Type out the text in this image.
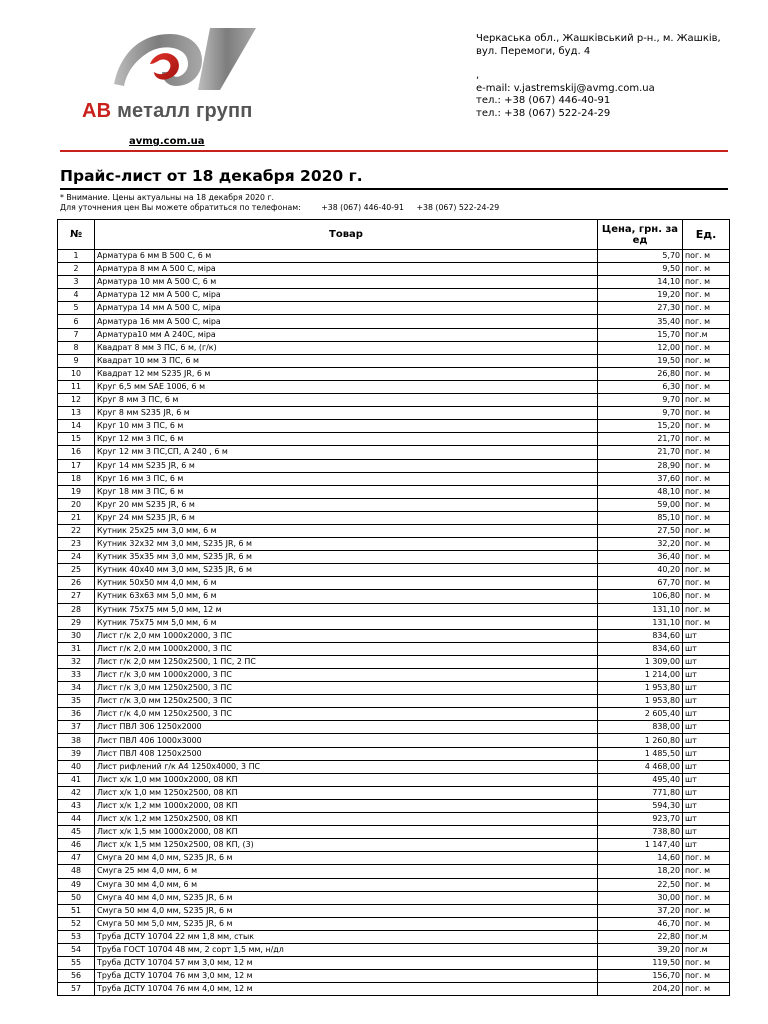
АВ металл групп
avmg.com.ua
Черкаська обл., Жашківський р-н., м. Жашків,
вул. Перемоги, буд. 4
,
e-mail: v.jastremskij@avmg.com.ua
тел.: +38 (067) 446-40-91
тел.: +38 (067) 522-24-29
Прайс-лист от 18 декабря 2020 г.
* Внимание. Цены актуальны на 18 декабря 2020 г.
Для уточнения цен Вы можете обратиться по телефонам:	+38 (067) 446-40-91 +38 (067) 522-24-29
№	Товар	Цена, грн. за ед	Ед.
1	Арматура 6 мм В 500 С, 6 м	5,70	пог. м
2	Арматура 8 мм А 500 С, міра	9,50	пог. м
3	Арматура 10 мм А 500 С, 6 м	14,10	пог. м
4	Арматура 12 мм А 500 С, міра	19,20	пог. м
5	Арматура 14 мм А 500 С, міра	27,30	пог. м
6	Арматура 16 мм А 500 С, міра	35,40	пог. м
7	Арматура10 мм А 240С, міра	15,70	пог.м
8	Квадрат 8 мм 3 ПС, 6 м, (г/к)	12,00	пог. м
9	Квадрат 10 мм 3 ПС, 6 м	19,50	пог. м
10	Квадрат 12 мм S235 JR, 6 м	26,80	пог. м
11	Круг 6,5 мм SAE 1006, 6 м	6,30	пог. м
12	Круг 8 мм 3 ПС, 6 м	9,70	пог. м
13	Круг 8 мм S235 JR, 6 м	9,70	пог. м
14	Круг 10 мм 3 ПС, 6 м	15,20	пог. м
15	Круг 12 мм 3 ПС, 6 м	21,70	пог. м
16	Круг 12 мм 3 ПС,СП, А 240 , 6 м	21,70	пог. м
17	Круг 14 мм S235 JR, 6 м	28,90	пог. м
18	Круг 16 мм 3 ПС, 6 м	37,60	пог. м
19	Круг 18 мм 3 ПС, 6 м	48,10	пог. м
20	Круг 20 мм S235 JR, 6 м	59,00	пог. м
21	Круг 24 мм S235 JR, 6 м	85,10	пог. м
22	Кутник 25х25 мм 3,0 мм, 6 м	27,50	пог. м
23	Кутник 32х32 мм 3,0 мм, S235 JR, 6 м	32,20	пог. м
24	Кутник 35х35 мм 3,0 мм, S235 JR, 6 м	36,40	пог. м
25	Кутник 40х40 мм 3,0 мм, S235 JR, 6 м	40,20	пог. м
26	Кутник 50х50 мм 4,0 мм, 6 м	67,70	пог. м
27	Кутник 63х63 мм 5,0 мм, 6 м	106,80	пог. м
28	Кутник 75х75 мм 5,0 мм, 12 м	131,10	пог. м
29	Кутник 75х75 мм 5,0 мм, 6 м	131,10	пог. м
30	Лист г/к 2,0 мм 1000х2000, 3 ПС	834,60	шт
31	Лист г/к 2,0 мм 1000х2000, 3 ПС	834,60	шт
32	Лист г/к 2,0 мм 1250х2500, 1 ПС, 2 ПС	1 309,00	шт
33	Лист г/к 3,0 мм 1000х2000, 3 ПС	1 214,00	шт
34	Лист г/к 3,0 мм 1250х2500, 3 ПС	1 953,80	шт
35	Лист г/к 3,0 мм 1250х2500, 3 ПС	1 953,80	шт
36	Лист г/к 4,0 мм 1250х2500, 3 ПС	2 605,40	шт
37	Лист ПВЛ 306 1250х2000	838,00	шт
38	Лист ПВЛ 406 1000х3000	1 260,80	шт
39	Лист ПВЛ 408 1250х2500	1 485,50	шт
40	Лист рифлений г/к А4 1250х4000, 3 ПС	4 468,00	шт
41	Лист х/к 1,0 мм 1000х2000, 08 КП	495,40	шт
42	Лист х/к 1,0 мм 1250х2500, 08 КП	771,80	шт
43	Лист х/к 1,2 мм 1000х2000, 08 КП	594,30	шт
44	Лист х/к 1,2 мм 1250х2500, 08 КП	923,70	шт
45	Лист х/к 1,5 мм 1000х2000, 08 КП	738,80	шт
46	Лист х/к 1,5 мм 1250х2500, 08 КП, (3)	1 147,40	шт
47	Смуга 20 мм 4,0 мм, S235 JR, 6 м	14,60	пог. м
48	Смуга 25 мм 4,0 мм, 6 м	18,20	пог. м
49	Смуга 30 мм 4,0 мм, 6 м	22,50	пог. м
50	Смуга 40 мм 4,0 мм, S235 JR, 6 м	30,00	пог. м
51	Смуга 50 мм 4,0 мм, S235 JR, 6 м	37,20	пог. м
52	Смуга 50 мм 5,0 мм, S235 JR, 6 м	46,70	пог. м
53	Труба ДСТУ 10704 22 мм 1,8 мм, стык	22,80	пог.м
54	Труба ГОСТ 10704 48 мм, 2 сорт 1,5 мм, н/дл	39,20	пог.м
55	Труба ДСТУ 10704 57 мм 3,0 мм, 12 м	119,50	пог. м
56	Труба ДСТУ 10704 76 мм 3,0 мм, 12 м	156,70	пог. м
57	Труба ДСТУ 10704 76 мм 4,0 мм, 12 м	204,20	пог. м
